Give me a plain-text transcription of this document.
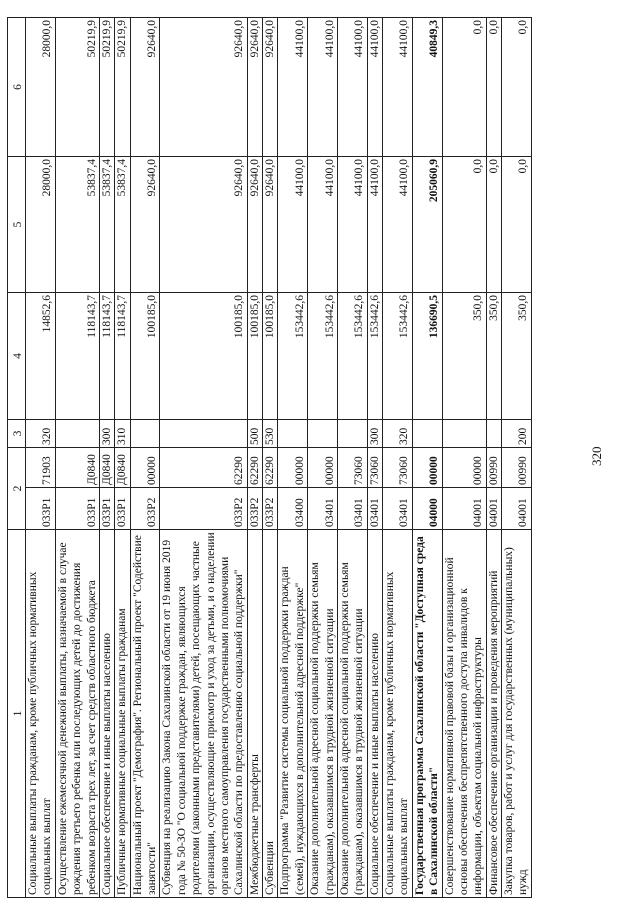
1	2		3	4	5	6
Социальные выплаты гражданам, кроме публичных нормативных социальных выплат	033P1	71903	320	14852,6	28000,0	28000,0
Осуществление ежемесячной денежной выплаты, назначаемой в случае рождения третьего ребенка или последующих детей до достижения ребенком возраста трех лет, за счет средств областного бюджета	033P1	Д0840		118143,7	53837,4	50219,9
Социальное обеспечение и иные выплаты населению	033P1	Д0840	300	118143,7	53837,4	50219,9
Публичные нормативные социальные выплаты гражданам	033P1	Д0840	310	118143,7	53837,4	50219,9
Национальный проект "Демография". Региональный проект "Содействие занятости"	033P2	00000		100185,0	92640,0	92640,0
Субвенция на реализацию Закона Сахалинской области от 19 июня 2019 года № 50-ЗО "О социальной поддержке граждан, являющихся родителями (законными представителями) детей, посещающих частные организации, осуществляющие присмотр и уход за детьми, и о наделении органов местного самоуправления государственными полномочиями Сахалинской области по предоставлению социальной поддержки"	033P2	62290		100185,0	92640,0	92640,0
Межбюджетные трансферты	033P2	62290	500	100185,0	92640,0	92640,0
Субвенции	033P2	62290	530	100185,0	92640,0	92640,0
Подпрограмма "Развитие системы социальной поддержки граждан (семей), нуждающихся в дополнительной адресной поддержке"	03400	00000		153442,6	44100,0	44100,0
Оказание дополнительной адресной социальной поддержки семьям (гражданам), оказавшимся в трудной жизненной ситуации	03401	00000		153442,6	44100,0	44100,0
Оказание дополнительной адресной социальной поддержки семьям (гражданам), оказавшимся в трудной жизненной ситуации	03401	73060		153442,6	44100,0	44100,0
Социальное обеспечение и иные выплаты населению	03401	73060	300	153442,6	44100,0	44100,0
Социальные выплаты гражданам, кроме публичных нормативных социальных выплат	03401	73060	320	153442,6	44100,0	44100,0
Государственная программа Сахалинской области "Доступная среда в Сахалинской области"	04000	00000		136690,5	205060,9	40849,3
Совершенствование нормативной правовой базы и организационной основы обеспечения беспрепятственного доступа инвалидов к информации, объектам социальной инфраструктуры	04001	00000		350,0	0,0	0,0
Финансовое обеспечение организации и проведения мероприятий	04001	00990		350,0	0,0	0,0
Закупка товаров, работ и услуг для государственных (муниципальных) нужд	04001	00990	200	350,0	0,0	0,0
320
